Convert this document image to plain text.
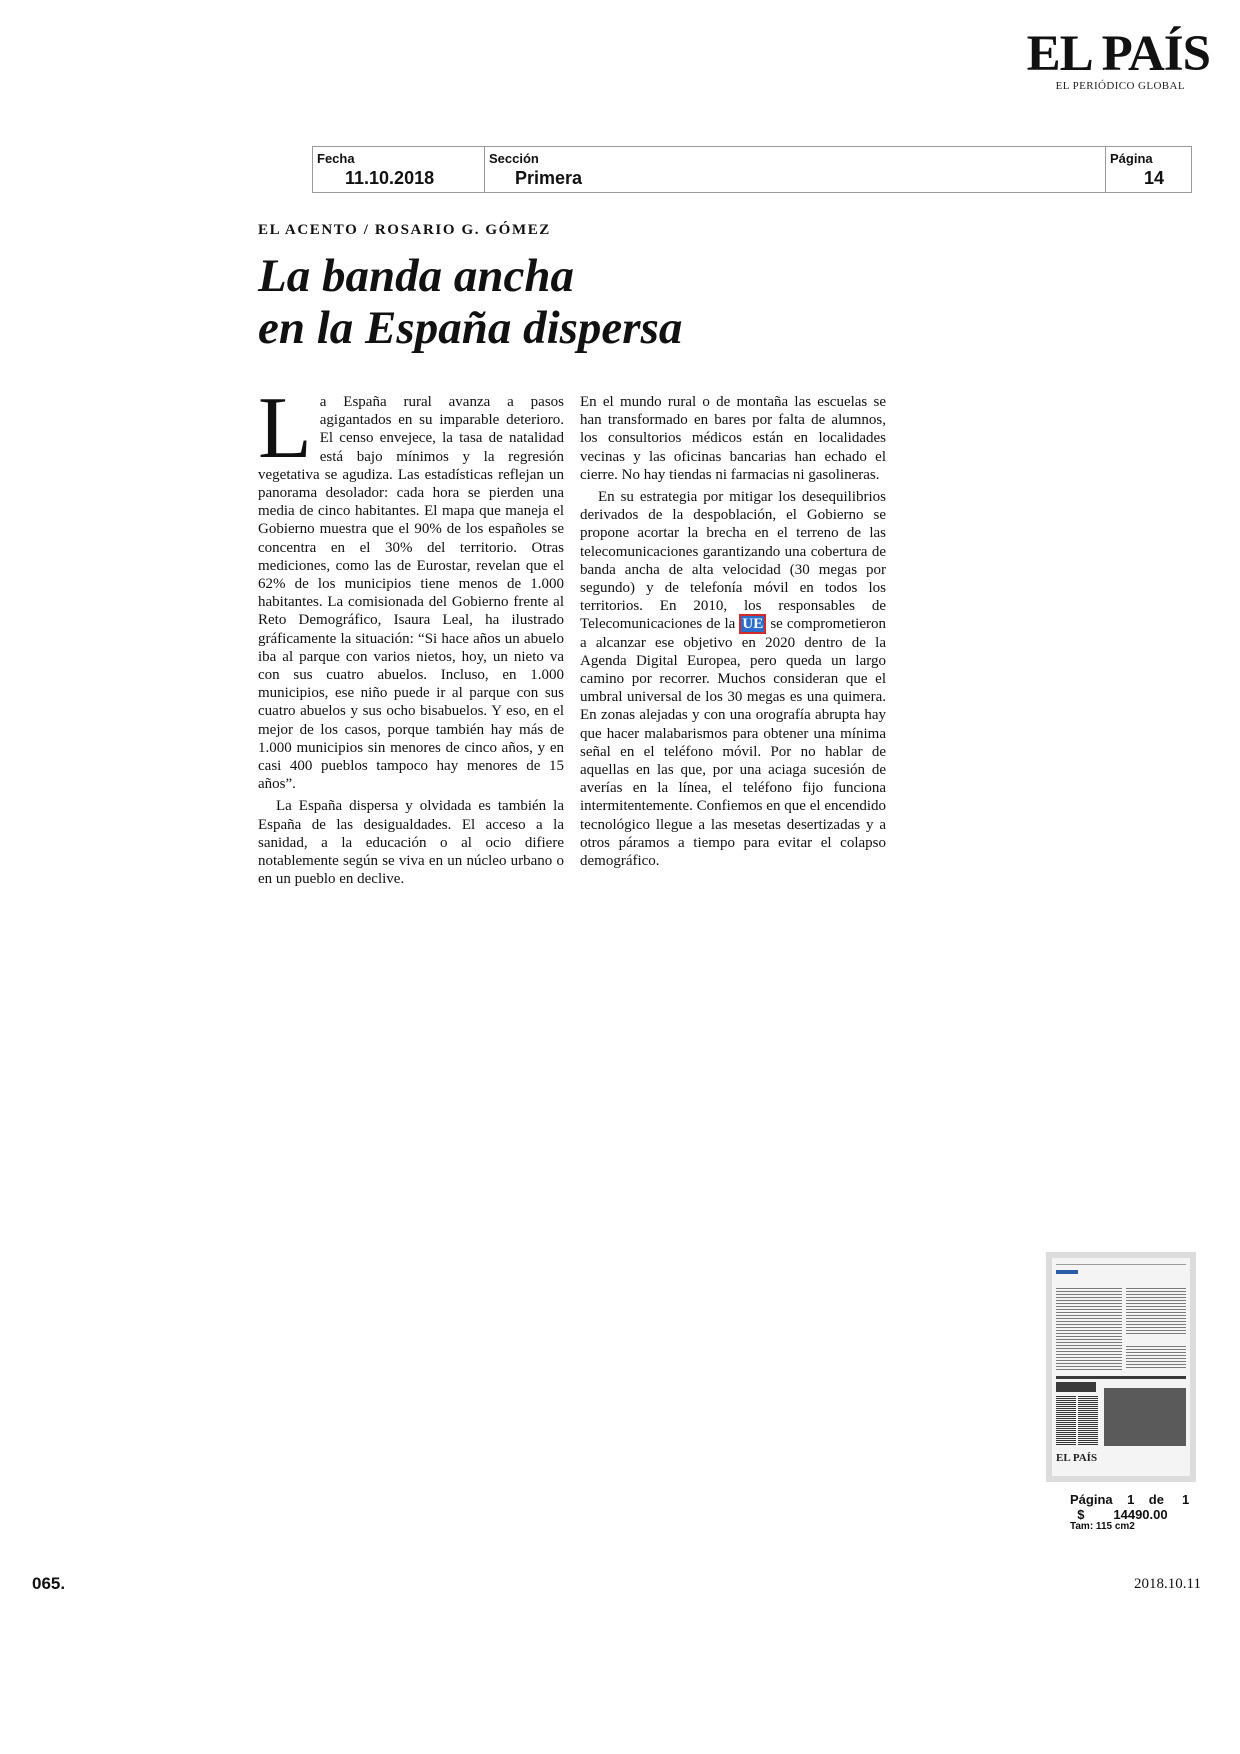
EL PAÍS
EL PERIÓDICO GLOBAL
Fecha
11.10.2018
Sección
Primera
Página
14
EL ACENTO / ROSARIO G. GÓMEZ
La banda ancha
en la España dispersa

La España rural avanza a pasos agigantados en su imparable deterioro. El censo envejece, la tasa de natalidad está bajo mínimos y la regresión vegetativa se agudiza. Las estadísticas reflejan un panorama desolador: cada hora se pierden una media de cinco habitantes. El mapa que maneja el Gobierno muestra que el 90% de los españoles se concentra en el 30% del territorio. Otras mediciones, como las de Eurostar, revelan que el 62% de los municipios tiene menos de 1.000 habitantes. La comisionada del Gobierno frente al Reto Demográfico, Isaura Leal, ha ilustrado gráficamente la situación: “Si hace años un abuelo iba al parque con varios nietos, hoy, un nieto va con sus cuatro abuelos. Incluso, en 1.000 municipios, ese niño puede ir al parque con sus cuatro abuelos y sus ocho bisabuelos. Y eso, en el mejor de los casos, porque también hay más de 1.000 municipios sin menores de cinco años, y en casi 400 pueblos tampoco hay menores de 15 años”.

La España dispersa y olvidada es también la España de las desigualdades. El acceso a la sanidad, a la educación o al ocio difiere notablemente según se viva en un núcleo urbano o en un pueblo en declive.

En el mundo rural o de montaña las escuelas se han transformado en bares por falta de alumnos, los consultorios médicos están en localidades vecinas y las oficinas bancarias han echado el cierre. No hay tiendas ni farmacias ni gasolineras.

En su estrategia por mitigar los desequilibrios derivados de la despoblación, el Gobierno se propone acortar la brecha en el terreno de las telecomunicaciones garantizando una cobertura de banda ancha de alta velocidad (30 megas por segundo) y de telefonía móvil en todos los territorios. En 2010, los responsables de Telecomunicaciones de la UE se comprometieron a alcanzar ese objetivo en 2020 dentro de la Agenda Digital Europea, pero queda un largo camino por recorrer. Muchos consideran que el umbral universal de los 30 megas es una quimera. En zonas alejadas y con una orografía abrupta hay que hacer malabarismos para obtener una mínima señal en el teléfono móvil. Por no hablar de aquellas en las que, por una aciaga sucesión de averías en la línea, el teléfono fijo funciona intermitentemente. Confiemos en que el encendido tecnológico llegue a las mesetas desertizadas y a otros páramos a tiempo para evitar el colapso demográfico.

EL PAÍS
Página 1 de 1
$ 14490.00
Tam: 115 cm2
065.	2018.10.11
